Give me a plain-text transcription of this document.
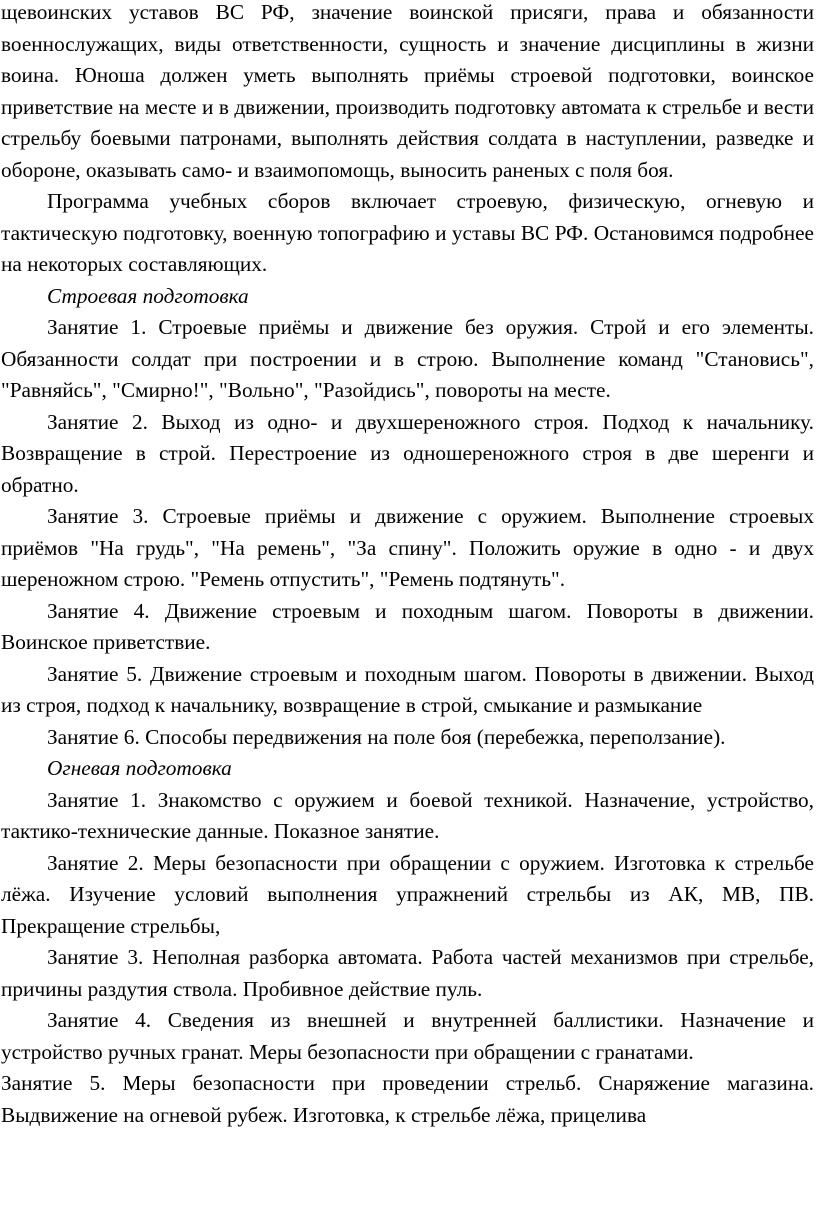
щевоинских уставов ВС РФ, значение воинской присяги, права и обязанности военнослужащих, виды ответственности, сущность и значение дисциплины в жизни воина. Юноша должен уметь выполнять приёмы строевой подготовки, воинское приветствие на месте и в движении, производить подготовку автомата к стрельбе и вести стрельбу боевыми патронами, выполнять действия солдата в наступлении, разведке и обороне, оказывать само- и взаимопомощь, выносить раненых с поля боя.

Программа учебных сборов включает строевую, физическую, огневую и тактическую подготовку, военную топографию и уставы ВС РФ. Остановимся подробнее на некоторых составляющих.

Строевая подготовка

Занятие 1. Строевые приёмы и движение без оружия. Строй и его элементы. Обязанности солдат при построении и в строю. Выполнение команд "Становись", "Равняйсь", "Смирно!", "Вольно", "Разойдись", повороты на месте.

Занятие 2. Выход из одно- и двухшереножного строя. Подход к начальнику. Возвращение в строй. Перестроение из одношереножного строя в две шеренги и обратно.

Занятие 3. Строевые приёмы и движение с оружием. Выполнение строевых приёмов "На грудь", "На ремень", "За спину". Положить оружие в одно - и двух шереножном строю. "Ремень отпустить", "Ремень подтянуть".

Занятие 4. Движение строевым и походным шагом. Повороты в движении. Воинское приветствие.

Занятие 5. Движение строевым и походным шагом. Повороты в движении. Выход из строя, подход к начальнику, возвращение в строй, смыкание и размыкание

Занятие 6. Способы передвижения на поле боя (перебежка, переползание).

Огневая подготовка

Занятие 1. Знакомство с оружием и боевой техникой. Назначение, устройство, тактико-технические данные. Показное занятие.

Занятие 2. Меры безопасности при обращении с оружием. Изготовка к стрельбе лёжа. Изучение условий выполнения упражнений стрельбы из АК, МВ, ПВ. Прекращение стрельбы,

Занятие 3. Неполная разборка автомата. Работа частей механизмов при стрельбе, причины раздутия ствола. Пробивное действие пуль.

Занятие 4. Сведения из внешней и внутренней баллистики. Назначение и устройство ручных гранат. Меры безопасности при обращении с гранатами.

Занятие 5. Меры безопасности при проведении стрельб. Снаряжение магазина. Выдвижение на огневой рубеж. Изготовка, к стрельбе лёжа, прицелива
